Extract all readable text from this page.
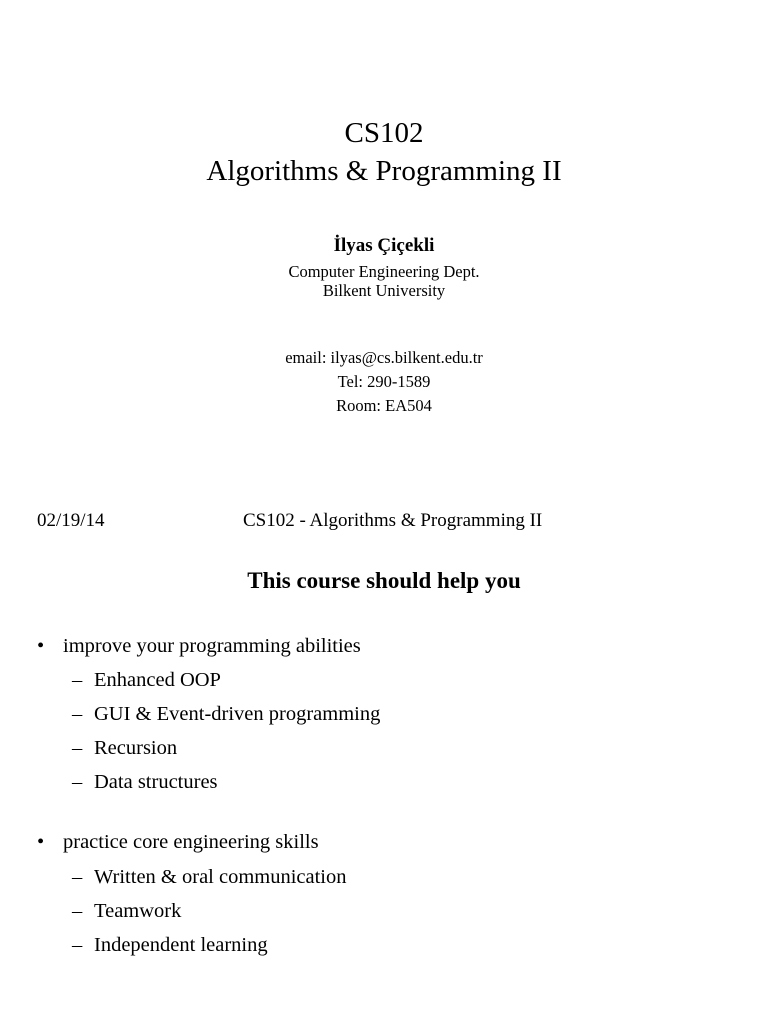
CS102
Algorithms & Programming II
İlyas Çiçekli
Computer Engineering Dept.
Bilkent University
email: ilyas@cs.bilkent.edu.tr
Tel: 290-1589
Room: EA504
02/19/14	CS102 - Algorithms & Programming II
This course should help you
• improve your programming abilities
– Enhanced OOP
– GUI & Event-driven programming
– Recursion
– Data structures
• practice core engineering skills
– Written & oral communication
– Teamwork
– Independent learning
